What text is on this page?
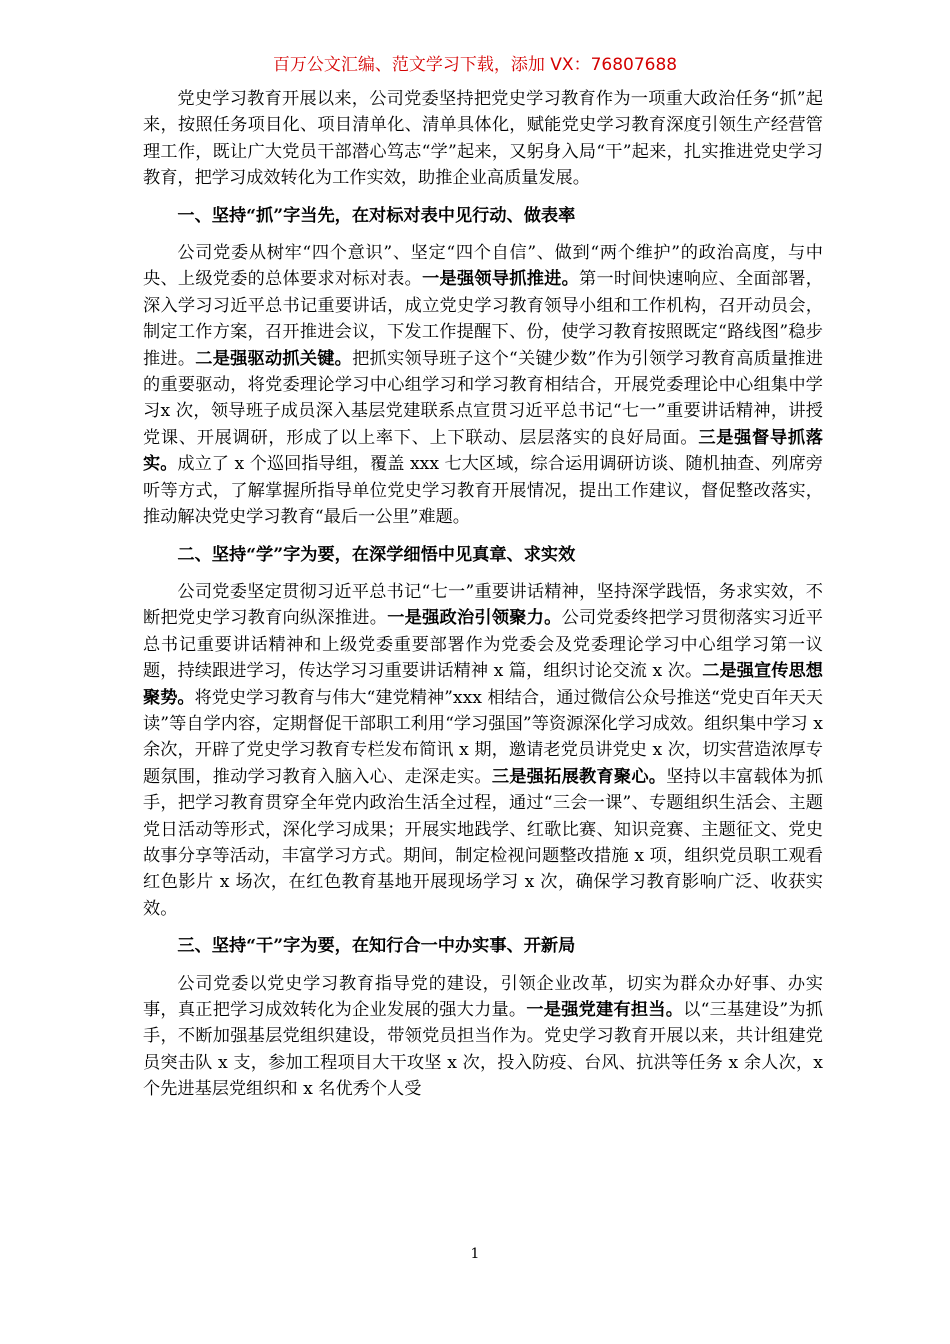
百万公文汇编、范文学习下载，添加 VX：76807688

党史学习教育开展以来，公司党委坚持把党史学习教育作为一项重大政治任务“抓”起来，按照任务项目化、项目清单化、清单具体化，赋能党史学习教育深度引领生产经营管理工作，既让广大党员干部潜心笃志“学”起来，又躬身入局“干”起来，扎实推进党史学习教育，把学习成效转化为工作实效，助推企业高质量发展。

一、坚持“抓”字当先，在对标对表中见行动、做表率

公司党委从树牢“四个意识”、坚定“四个自信”、做到“两个维护”的政治高度，与中央、上级党委的总体要求对标对表。一是强领导抓推进。第一时间快速响应、全面部署，深入学习习近平总书记重要讲话，成立党史学习教育领导小组和工作机构，召开动员会，制定工作方案，召开推进会议，下发工作提醒下、份，使学习教育按照既定“路线图”稳步推进。二是强驱动抓关键。把抓实领导班子这个“关键少数”作为引领学习教育高质量推进的重要驱动，将党委理论学习中心组学习和学习教育相结合，开展党委理论中心组集中学习x 次，领导班子成员深入基层党建联系点宣贯习近平总书记“七一”重要讲话精神，讲授党课、开展调研，形成了以上率下、上下联动、层层落实的良好局面。三是强督导抓落实。成立了 x 个巡回指导组，覆盖 xxx 七大区域，综合运用调研访谈、随机抽查、列席旁听等方式，了解掌握所指导单位党史学习教育开展情况，提出工作建议，督促整改落实，推动解决党史学习教育“最后一公里”难题。

二、坚持“学”字为要，在深学细悟中见真章、求实效

公司党委坚定贯彻习近平总书记“七一”重要讲话精神，坚持深学践悟，务求实效，不断把党史学习教育向纵深推进。一是强政治引领聚力。公司党委终把学习贯彻落实习近平总书记重要讲话精神和上级党委重要部署作为党委会及党委理论学习中心组学习第一议题，持续跟进学习，传达学习习重要讲话精神 x 篇，组织讨论交流 x 次。二是强宣传思想聚势。将党史学习教育与伟大“建党精神”xxx 相结合，通过微信公众号推送“党史百年天天读”等自学内容，定期督促干部职工利用“学习强国”等资源深化学习成效。组织集中学习 x 余次，开辟了党史学习教育专栏发布简讯 x 期，邀请老党员讲党史 x 次，切实营造浓厚专题氛围，推动学习教育入脑入心、走深走实。三是强拓展教育聚心。坚持以丰富载体为抓手，把学习教育贯穿全年党内政治生活全过程，通过“三会一课”、专题组织生活会、主题党日活动等形式，深化学习成果；开展实地践学、红歌比赛、知识竞赛、主题征文、党史故事分享等活动，丰富学习方式。期间，制定检视问题整改措施 x 项，组织党员职工观看红色影片 x 场次，在红色教育基地开展现场学习 x 次，确保学习教育影响广泛、收获实效。

三、坚持“干”字为要，在知行合一中办实事、开新局

公司党委以党史学习教育指导党的建设，引领企业改革，切实为群众办好事、办实事，真正把学习成效转化为企业发展的强大力量。一是强党建有担当。以“三基建设”为抓手，不断加强基层党组织建设，带领党员担当作为。党史学习教育开展以来，共计组建党员突击队 x 支，参加工程项目大干攻坚 x 次，投入防疫、台风、抗洪等任务 x 余人次，x 个先进基层党组织和 x 名优秀个人受

1
